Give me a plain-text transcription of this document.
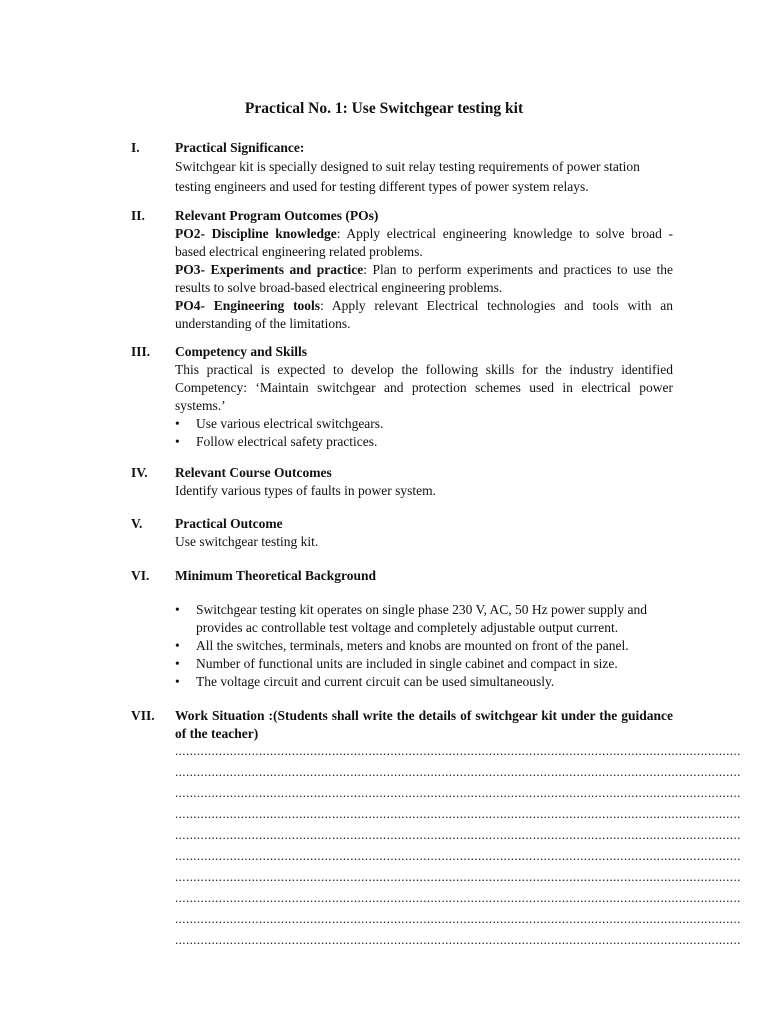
Practical No. 1: Use Switchgear testing kit
I.	Practical Significance:

Switchgear kit is specially designed to suit relay testing requirements of power station testing engineers and used for testing different types of power system relays.

II.	Relevant Program Outcomes (POs)

PO2- Discipline knowledge: Apply electrical engineering knowledge to solve broad - based electrical engineering related problems.

PO3- Experiments and practice: Plan to perform experiments and practices to use the results to solve broad-based electrical engineering problems.

PO4- Engineering tools: Apply relevant Electrical technologies and tools with an understanding of the limitations.

III.	Competency and Skills

This practical is expected to develop the following skills for the industry identified Competency: ‘Maintain switchgear and protection schemes used in electrical power systems.’

• Use various electrical switchgears.
• Follow electrical safety practices.
IV.	Relevant Course Outcomes

Identify various types of faults in power system.

V.	Practical Outcome

Use switchgear testing kit.

VI.	Minimum Theoretical Background
• Switchgear testing kit operates on single phase 230 V, AC, 50 Hz power supply and provides ac controllable test voltage and completely adjustable output current.
• All the switches, terminals, meters and knobs are mounted on front of the panel.
• Number of functional units are included in single cabinet and compact in size.
• The voltage circuit and current circuit can be used simultaneously.
VII.	Work Situation :(Students shall write the details of switchgear kit under the guidance of the teacher)
...........................................................................................................................................................
...........................................................................................................................................................
...........................................................................................................................................................
...........................................................................................................................................................
...........................................................................................................................................................
...........................................................................................................................................................
...........................................................................................................................................................
...........................................................................................................................................................
...........................................................................................................................................................
...........................................................................................................................................................
